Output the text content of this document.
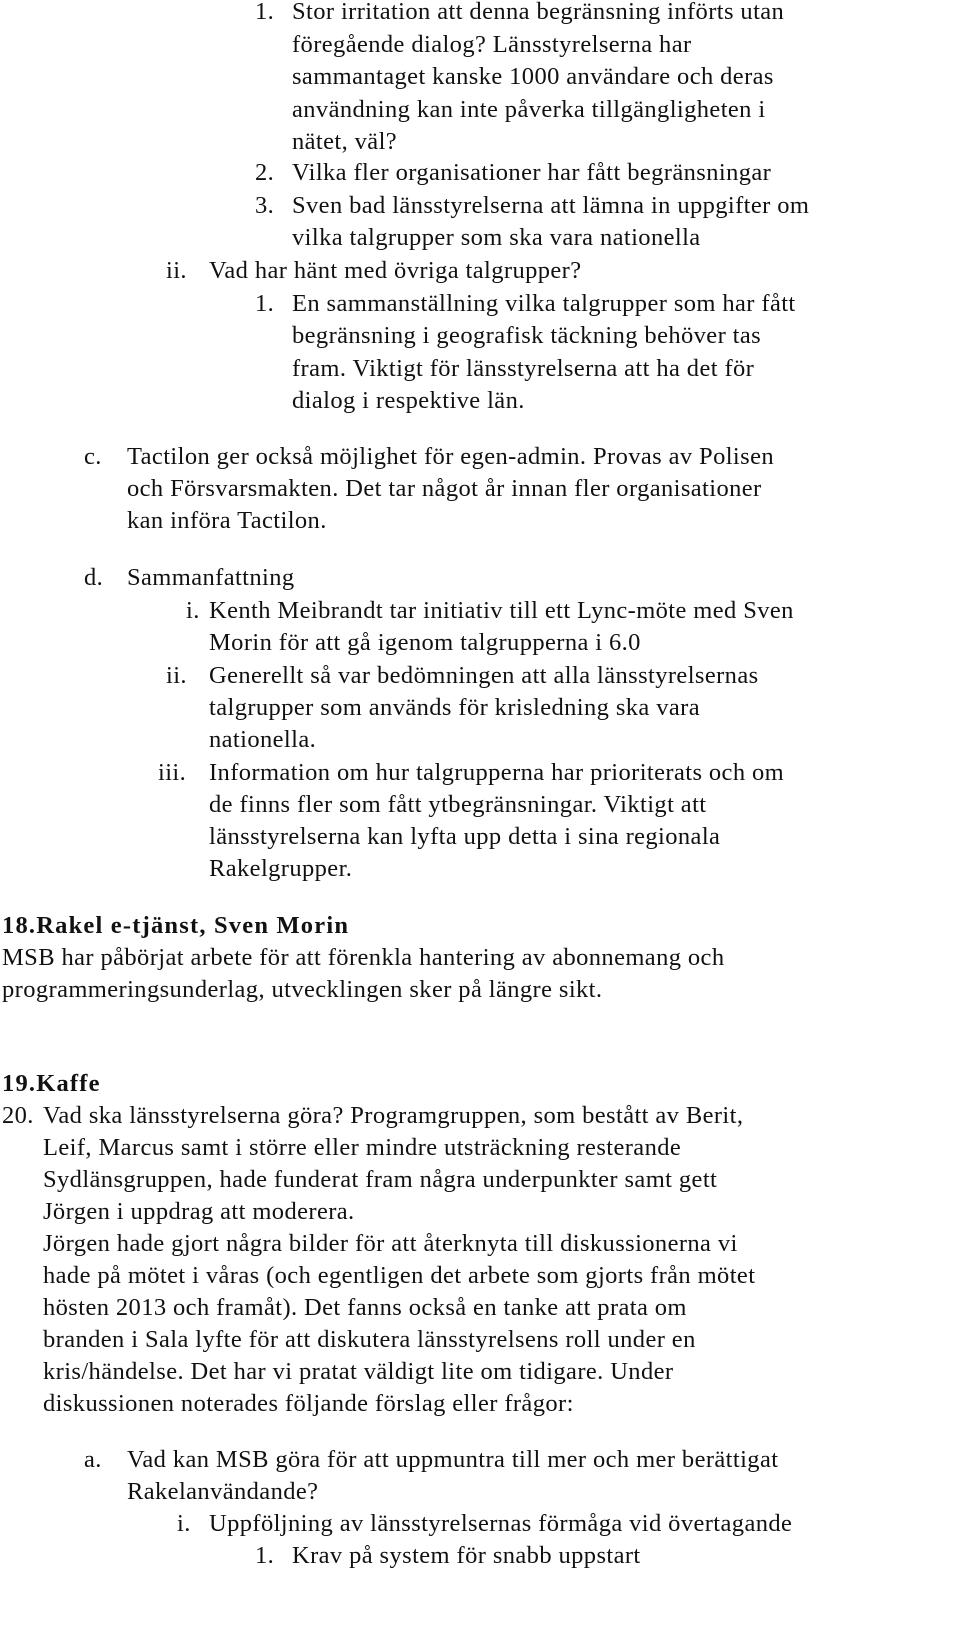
1. Stor irritation att denna begränsning införts utan
föregående dialog? Länsstyrelserna har
sammantaget kanske 1000 användare och deras
användning kan inte påverka tillgängligheten i
nätet, väl?
2. Vilka fler organisationer har fått begränsningar
3. Sven bad länsstyrelserna att lämna in uppgifter om
vilka talgrupper som ska vara nationella
ii. Vad har hänt med övriga talgrupper?
1. En sammanställning vilka talgrupper som har fått
begränsning i geografisk täckning behöver tas
fram. Viktigt för länsstyrelserna att ha det för
dialog i respektive län.
c. Tactilon ger också möjlighet för egen-admin. Provas av Polisen
och Försvarsmakten. Det tar något år innan fler organisationer
kan införa Tactilon.
d. Sammanfattning
i. Kenth Meibrandt tar initiativ till ett Lync-möte med Sven
Morin för att gå igenom talgrupperna i 6.0
ii. Generellt så var bedömningen att alla länsstyrelsernas
talgrupper som används för krisledning ska vara
nationella.
iii. Information om hur talgrupperna har prioriterats och om
de finns fler som fått ytbegränsningar. Viktigt att
länsstyrelserna kan lyfta upp detta i sina regionala
Rakelgrupper.
18.Rakel e-tjänst, Sven Morin
MSB har påbörjat arbete för att förenkla hantering av abonnemang och
programmeringsunderlag, utvecklingen sker på längre sikt.
19.Kaffe
20. Vad ska länsstyrelserna göra? Programgruppen, som bestått av Berit,
Leif, Marcus samt i större eller mindre utsträckning resterande
Sydlänsgruppen, hade funderat fram några underpunkter samt gett
Jörgen i uppdrag att moderera.
Jörgen hade gjort några bilder för att återknyta till diskussionerna vi
hade på mötet i våras (och egentligen det arbete som gjorts från mötet
hösten 2013 och framåt). Det fanns också en tanke att prata om
branden i Sala lyfte för att diskutera länsstyrelsens roll under en
kris/händelse. Det har vi pratat väldigt lite om tidigare. Under
diskussionen noterades följande förslag eller frågor:
a. Vad kan MSB göra för att uppmuntra till mer och mer berättigat
Rakelanvändande?
i. Uppföljning av länsstyrelsernas förmåga vid övertagande
1. Krav på system för snabb uppstart
